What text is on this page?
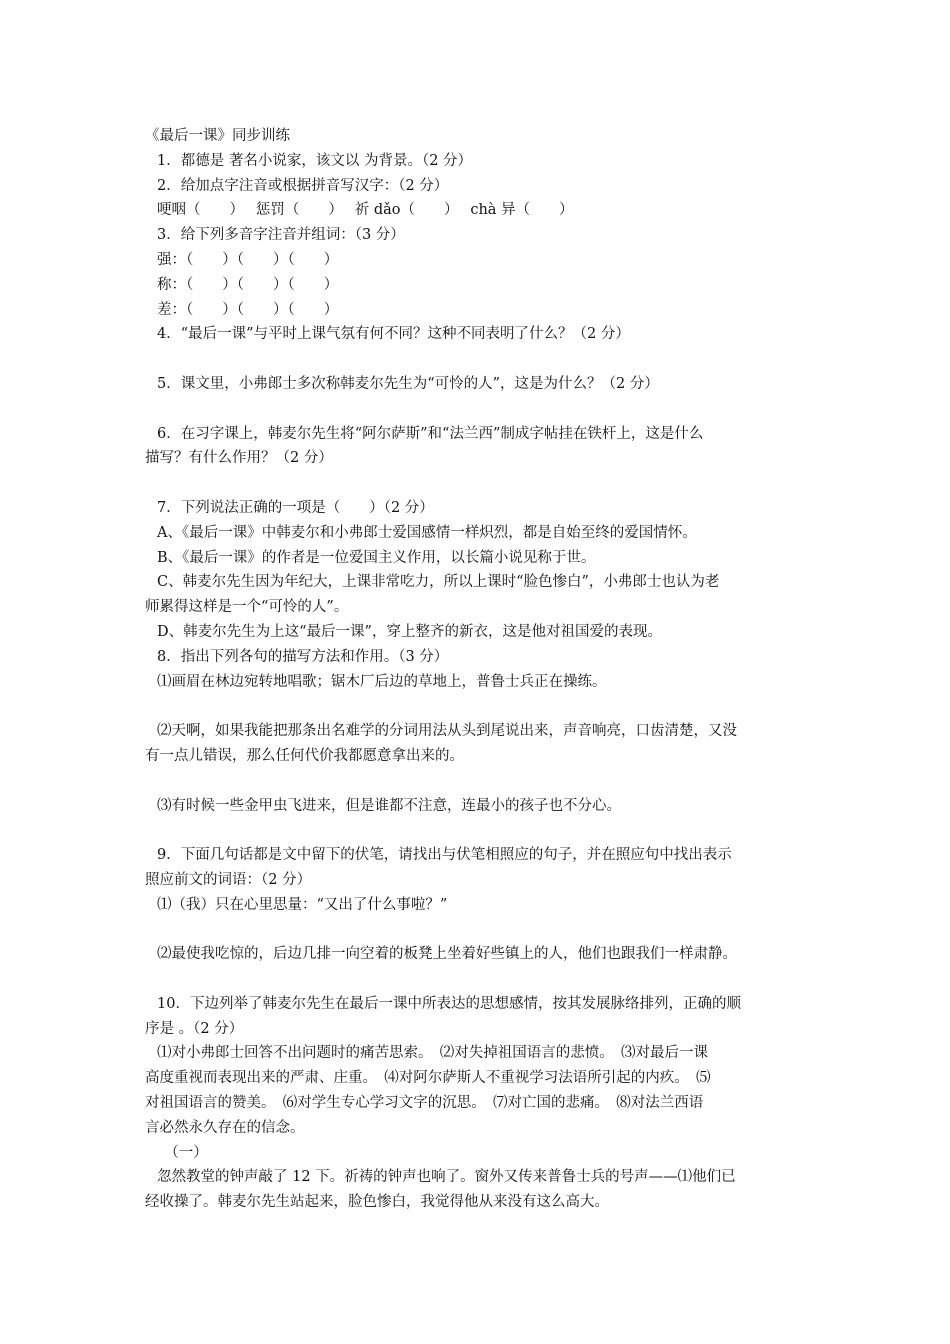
《最后一课》同步训练
1．都德是 著名小说家，该文以 为背景。（2 分）
2．给加点字注音或根据拼音写汉字：（2 分）
哽咽（　　）　 惩罚（　　）　 祈 dǎo（　　）　 chà 异（　　）
3．给下列多音字注音并组词：（3 分）
强：（　　）（　　）（　　）
称：（　　）（　　）（　　）
差：（　　）（　　）（　　）
4．“最后一课”与平时上课气氛有何不同？这种不同表明了什么？（2 分）
5．课文里，小弗郎士多次称韩麦尔先生为“可怜的人”，这是为什么？（2 分）
6．在习字课上，韩麦尔先生将“阿尔萨斯”和“法兰西”制成字帖挂在铁杆上，这是什么
描写？有什么作用？（2 分）
7．下列说法正确的一项是（　　）（2 分）
A、《最后一课》中韩麦尔和小弗郎士爱国感情一样炽烈，都是自始至终的爱国情怀。
B、《最后一课》的作者是一位爱国主义作用，以长篇小说见称于世。
C、韩麦尔先生因为年纪大，上课非常吃力，所以上课时“脸色惨白”，小弗郎士也认为老
师累得这样是一个“可怜的人”。
D、韩麦尔先生为上这“最后一课”，穿上整齐的新衣，这是他对祖国爱的表现。
8．指出下列各句的描写方法和作用。（3 分）
⑴画眉在林边宛转地唱歌；锯木厂后边的草地上，普鲁士兵正在操练。
⑵天啊，如果我能把那条出名难学的分词用法从头到尾说出来，声音响亮，口齿清楚，又没
有一点儿错误，那么任何代价我都愿意拿出来的。
⑶有时候一些金甲虫飞进来，但是谁都不注意，连最小的孩子也不分心。
9．下面几句话都是文中留下的伏笔，请找出与伏笔相照应的句子，并在照应句中找出表示
照应前文的词语：（2 分）
⑴（我）只在心里思量：“又出了什么事啦？”
⑵最使我吃惊的，后边几排一向空着的板凳上坐着好些镇上的人，他们也跟我们一样肃静。
10．下边列举了韩麦尔先生在最后一课中所表达的思想感情，按其发展脉络排列，正确的顺
序是 。（2 分）
⑴对小弗郎士回答不出问题时的痛苦思索。　⑵对失掉祖国语言的悲愤。　⑶对最后一课
高度重视而表现出来的严肃、庄重。　⑷对阿尔萨斯人不重视学习法语所引起的内疚。　⑸
对祖国语言的赞美。　⑹对学生专心学习文字的沉思。　⑺对亡国的悲痛。　⑻对法兰西语
言必然永久存在的信念。
　（一）
忽然教堂的钟声敲了 12 下。祈祷的钟声也响了。窗外又传来普鲁士兵的号声——⑴他们已
经收操了。韩麦尔先生站起来，脸色惨白，我觉得他从来没有这么高大。
